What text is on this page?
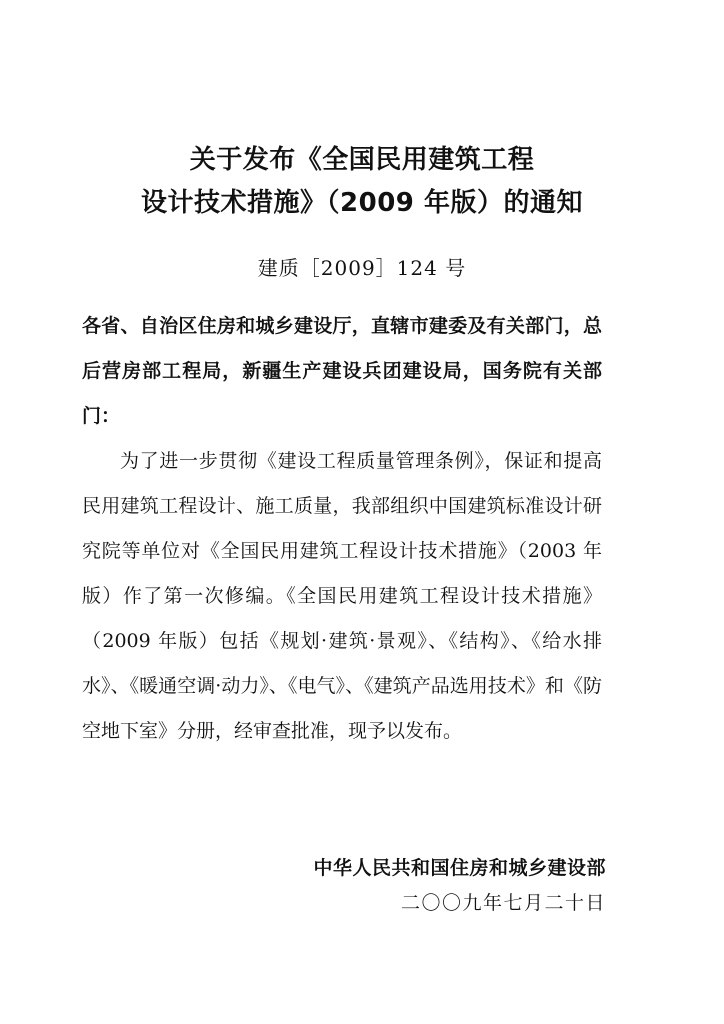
关于发布《全国民用建筑工程
设计技术措施》（2009 年版）的通知
建质［2009］124 号
各省、自治区住房和城乡建设厅，直辖市建委及有关部门，总后营房部工程局，新疆生产建设兵团建设局，国务院有关部门：
为了进一步贯彻《建设工程质量管理条例》，保证和提高民用建筑工程设计、施工质量，我部组织中国建筑标准设计研究院等单位对《全国民用建筑工程设计技术措施》（2003 年版）作了第一次修编。《全国民用建筑工程设计技术措施》（2009 年版）包括《规划·建筑·景观》、《结构》、《给水排水》、《暖通空调·动力》、《电气》、《建筑产品选用技术》和《防空地下室》分册，经审查批准，现予以发布。
中华人民共和国住房和城乡建设部
二〇〇九年七月二十日
